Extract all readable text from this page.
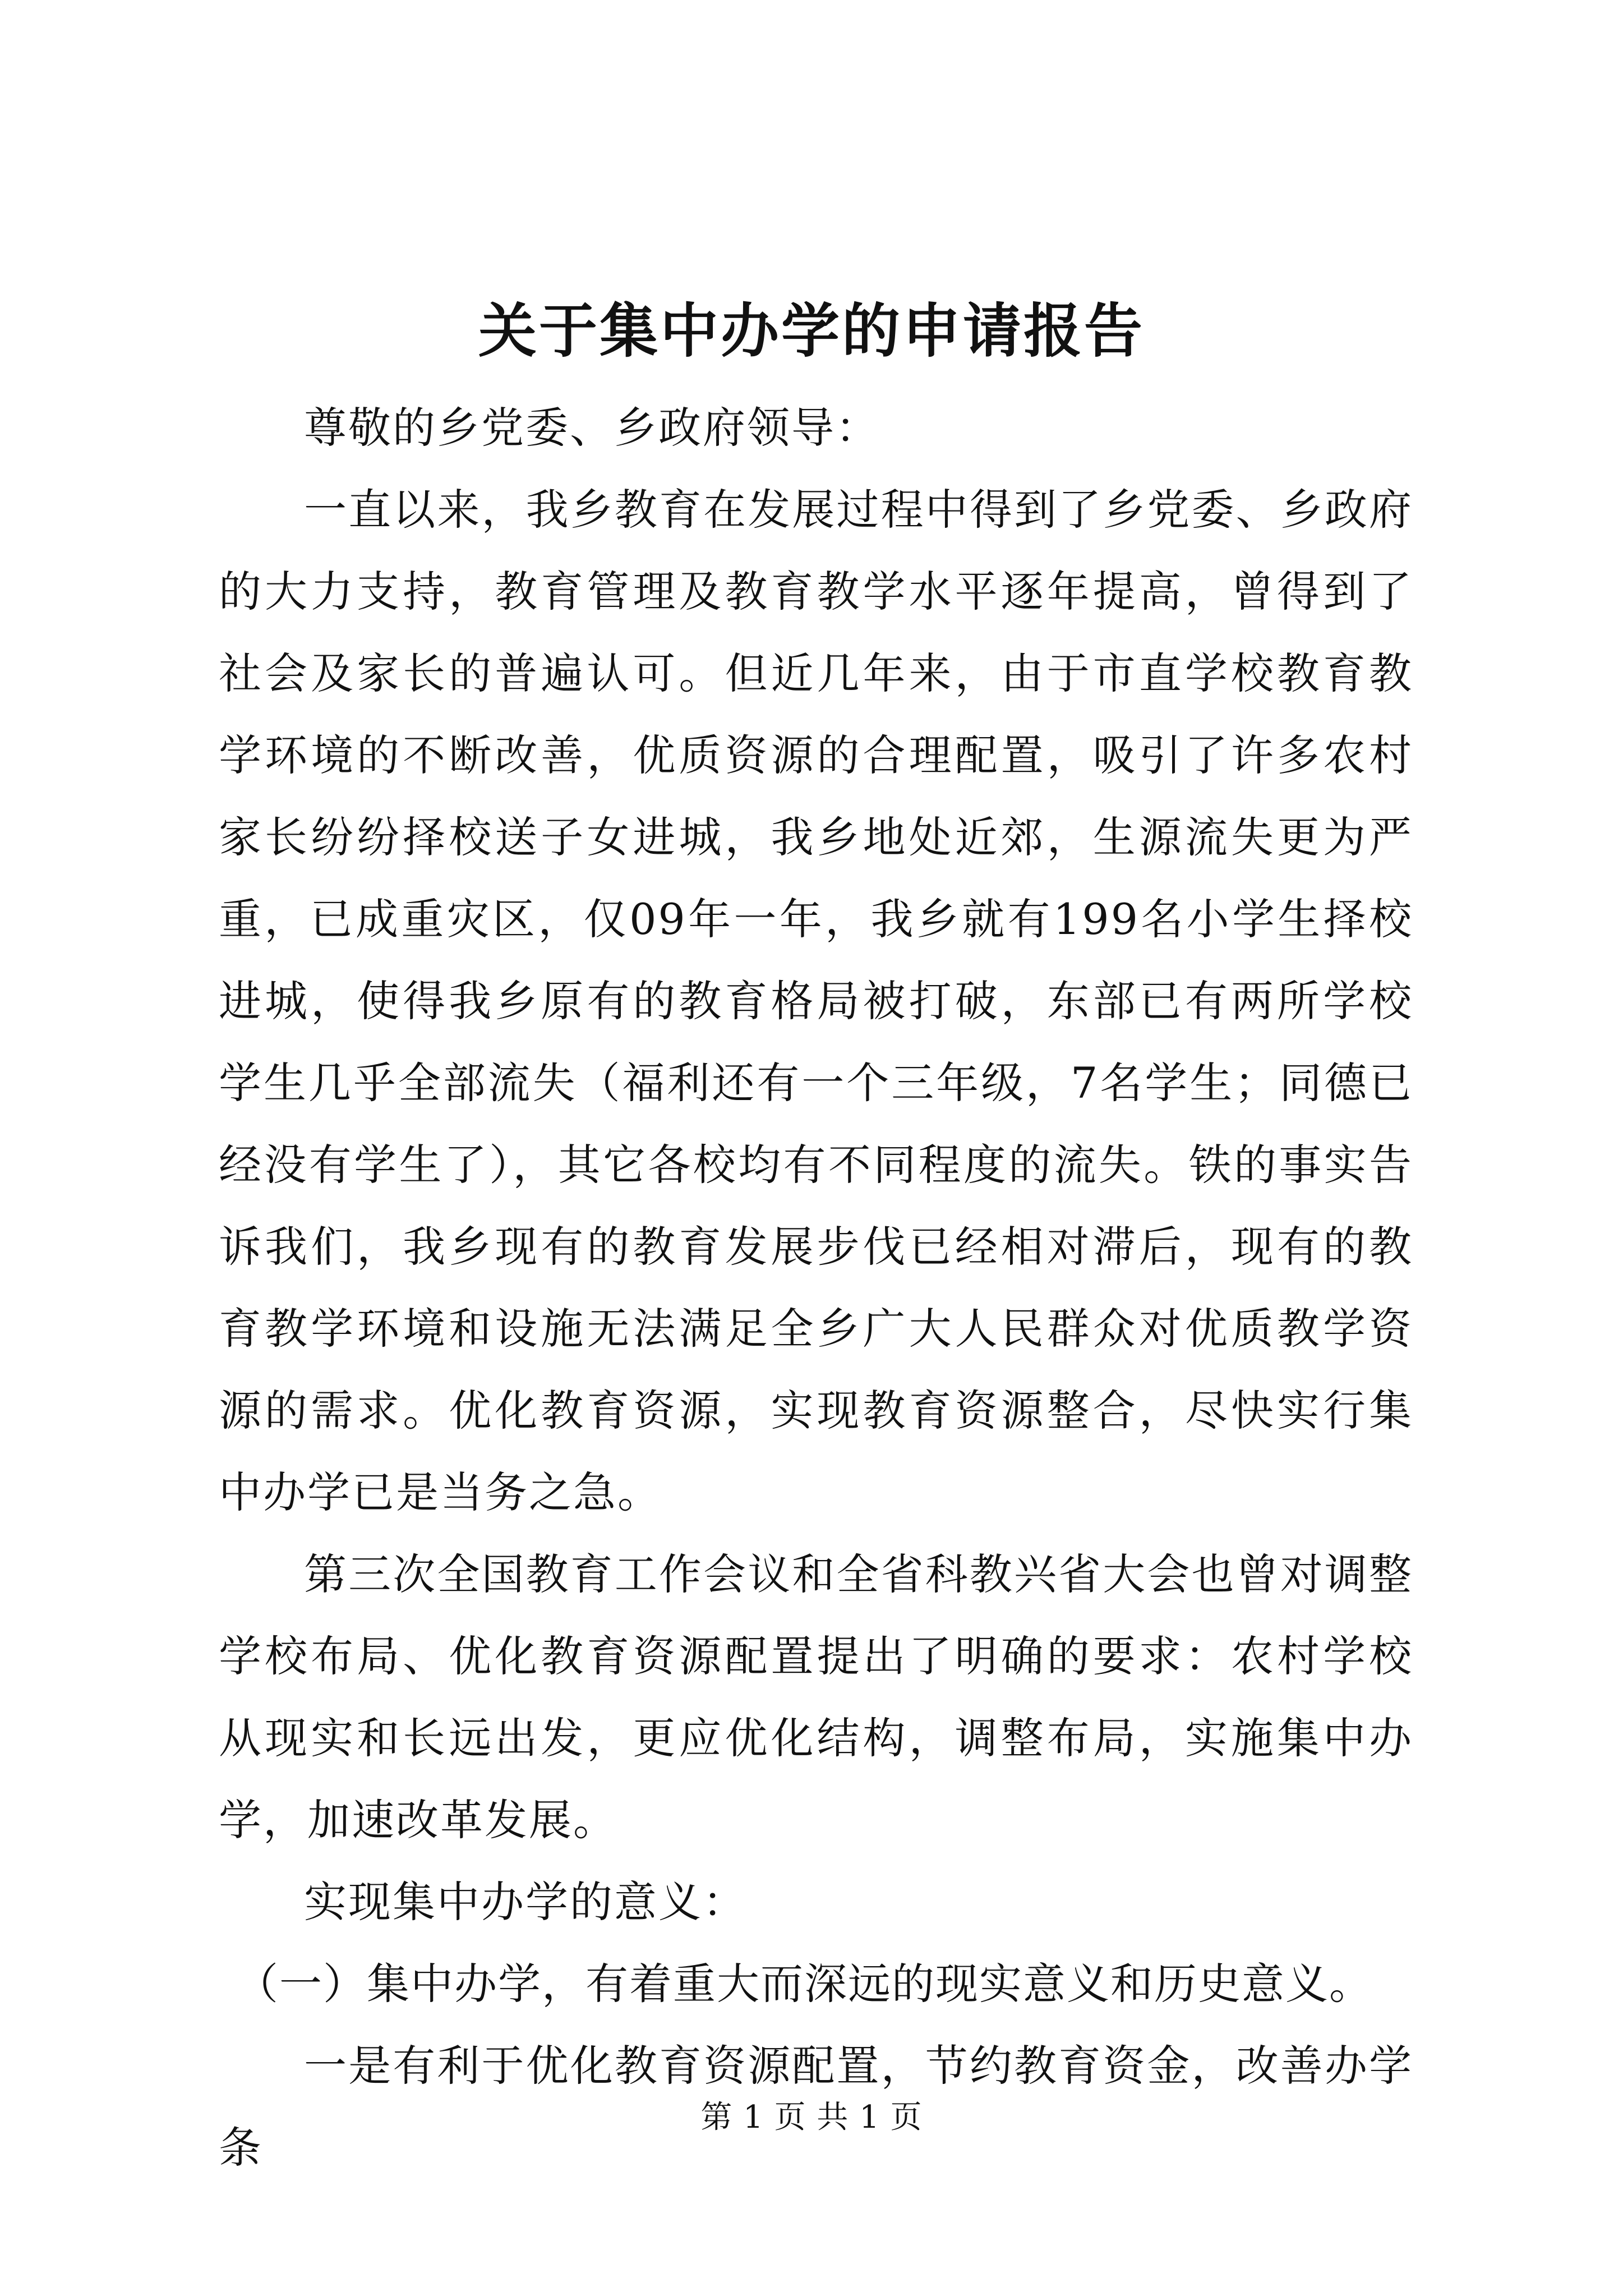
关于集中办学的申请报告

尊敬的乡党委、乡政府领导：

一直以来，我乡教育在发展过程中得到了乡党委、乡政府的大力支持，教育管理及教育教学水平逐年提高，曾得到了社会及家长的普遍认可。但近几年来，由于市直学校教育教学环境的不断改善，优质资源的合理配置，吸引了许多农村家长纷纷择校送子女进城，我乡地处近郊，生源流失更为严重，已成重灾区，仅09年一年，我乡就有199名小学生择校进城，使得我乡原有的教育格局被打破，东部已有两所学校学生几乎全部流失（福利还有一个三年级，7名学生；同德已经没有学生了），其它各校均有不同程度的流失。铁的事实告诉我们，我乡现有的教育发展步伐已经相对滞后，现有的教育教学环境和设施无法满足全乡广大人民群众对优质教学资源的需求。优化教育资源，实现教育资源整合，尽快实行集中办学已是当务之急。

第三次全国教育工作会议和全省科教兴省大会也曾对调整学校布局、优化教育资源配置提出了明确的要求：农村学校从现实和长远出发，更应优化结构，调整布局，实施集中办学，加速改革发展。

实现集中办学的意义：

（一）集中办学，有着重大而深远的现实意义和历史意义。

一是有利于优化教育资源配置，节约教育资金，改善办学条

第 1 页 共 1 页
